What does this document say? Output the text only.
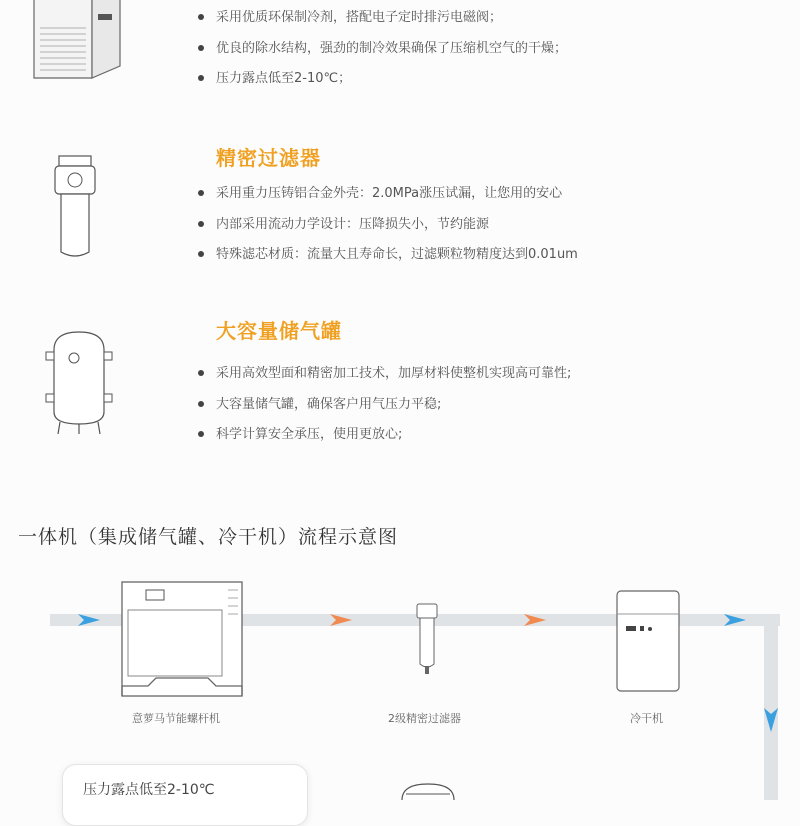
采用优质环保制冷剂，搭配电子定时排污电磁阀；
优良的除水结构，强劲的制冷效果确保了压缩机空气的干燥；
压力露点低至2-10℃；
精密过滤器
采用重力压铸铝合金外壳：2.0MPa涨压试漏，让您用的安心
内部采用流动力学设计：压降损失小，节约能源
特殊滤芯材质：流量大且寿命长，过滤颗粒物精度达到0.01um
大容量储气罐
采用高效型面和精密加工技术，加厚材料使整机实现高可靠性;
大容量储气罐，确保客户用气压力平稳;
科学计算安全承压，使用更放心;
一体机（集成储气罐、冷干机）流程示意图
意萝马节能螺杆机	2级精密过滤器	冷干机
压力露点低至2-10℃
